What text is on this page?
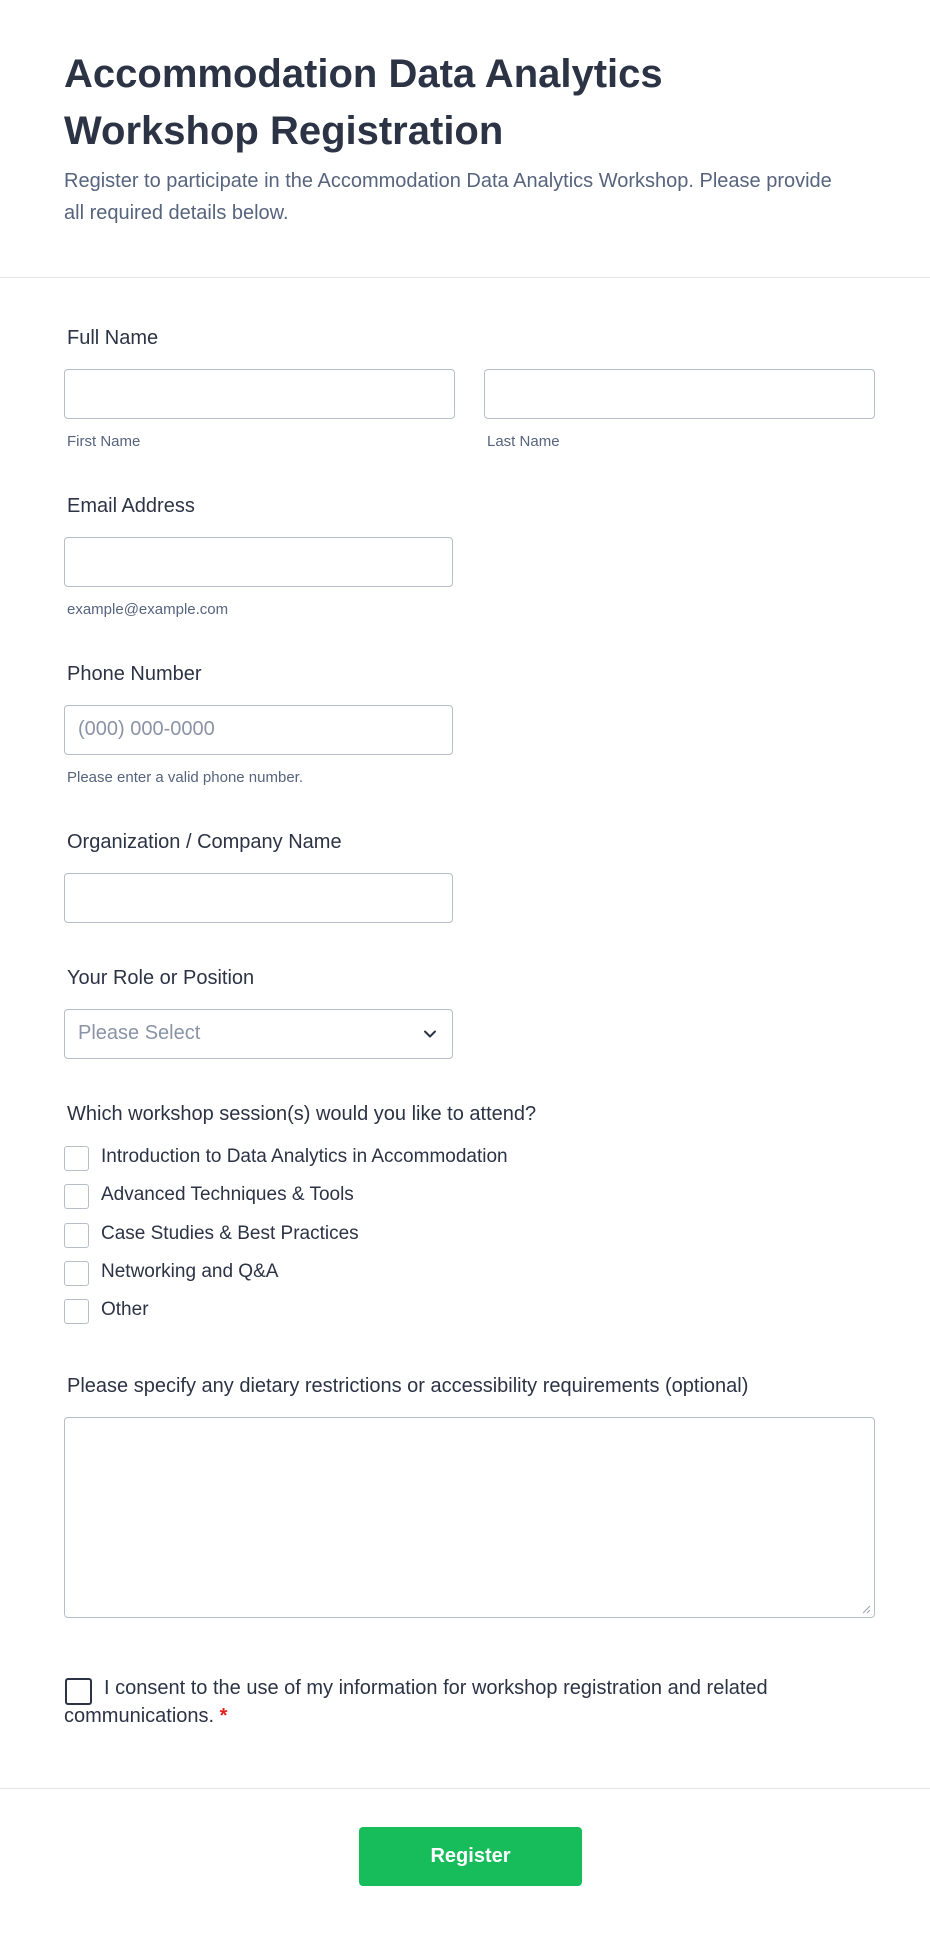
Accommodation Data Analytics Workshop Registration

Register to participate in the Accommodation Data Analytics Workshop. Please provide all required details below.

Full Name
First Name	Last Name
Email Address
example@example.com
Phone Number
(000) 000-0000
Please enter a valid phone number.
Organization / Company Name
Your Role or Position
Please Select
Which workshop session(s) would you like to attend?
Introduction to Data Analytics in Accommodation
Advanced Techniques & Tools
Case Studies & Best Practices
Networking and Q&A
Other
Please specify any dietary restrictions or accessibility requirements (optional)

I consent to the use of my information for workshop registration and related communications. *

Register
